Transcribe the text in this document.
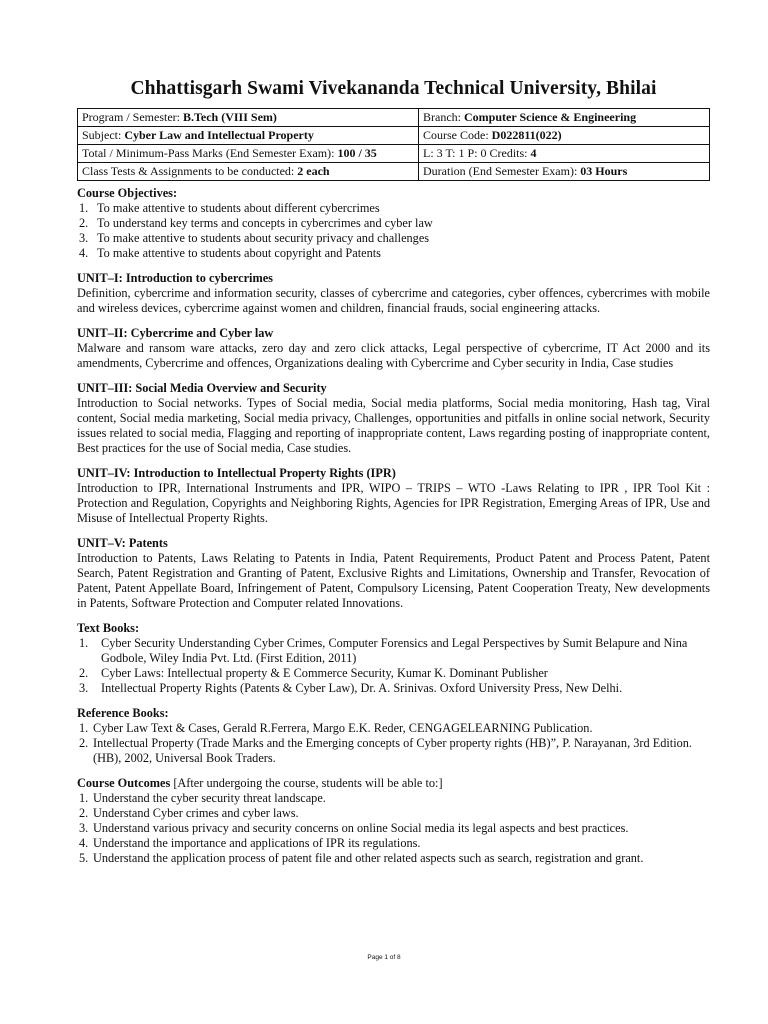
Chhattisgarh Swami Vivekananda Technical University, Bhilai
Program / Semester: B.Tech (VIII Sem)	Branch: Computer Science & Engineering
Subject: Cyber Law and Intellectual Property	Course Code: D022811(022)
Total / Minimum-Pass Marks (End Semester Exam): 100 / 35	L: 3 T: 1 P: 0 Credits: 4
Class Tests & Assignments to be conducted: 2 each	Duration (End Semester Exam): 03 Hours

Course Objectives:

1. To make attentive to students about different cybercrimes
2. To understand key terms and concepts in cybercrimes and cyber law
3. To make attentive to students about security privacy and challenges
4. To make attentive to students about copyright and Patents

UNIT–I: Introduction to cybercrimes

Definition, cybercrime and information security, classes of cybercrime and categories, cyber offences, cybercrimes with mobile and wireless devices, cybercrime against women and children, financial frauds, social engineering attacks.

UNIT–II: Cybercrime and Cyber law

Malware and ransom ware attacks, zero day and zero click attacks, Legal perspective of cybercrime, IT Act 2000 and its amendments, Cybercrime and offences, Organizations dealing with Cybercrime and Cyber security in India, Case studies

UNIT–III: Social Media Overview and Security

Introduction to Social networks. Types of Social media, Social media platforms, Social media monitoring, Hash tag, Viral content, Social media marketing, Social media privacy, Challenges, opportunities and pitfalls in online social network, Security issues related to social media, Flagging and reporting of inappropriate content, Laws regarding posting of inappropriate content, Best practices for the use of Social media, Case studies.

UNIT–IV: Introduction to Intellectual Property Rights (IPR)

Introduction to IPR, International Instruments and IPR, WIPO – TRIPS – WTO -Laws Relating to IPR , IPR Tool Kit : Protection and Regulation, Copyrights and Neighboring Rights, Agencies for IPR Registration, Emerging Areas of IPR, Use and Misuse of Intellectual Property Rights.

UNIT–V: Patents

Introduction to Patents, Laws Relating to Patents in India, Patent Requirements, Product Patent and Process Patent, Patent Search, Patent Registration and Granting of Patent, Exclusive Rights and Limitations, Ownership and Transfer, Revocation of Patent, Patent Appellate Board, Infringement of Patent, Compulsory Licensing, Patent Cooperation Treaty, New developments in Patents, Software Protection and Computer related Innovations.

Text Books:

1.	Cyber Security Understanding Cyber Crimes, Computer Forensics and Legal Perspectives by Sumit Belapure and Nina Godbole, Wiley India Pvt. Ltd. (First Edition, 2011)
2.	Cyber Laws: Intellectual property & E Commerce Security, Kumar K. Dominant Publisher
3.	Intellectual Property Rights (Patents & Cyber Law), Dr. A. Srinivas. Oxford University Press, New Delhi.

Reference Books:

1. Cyber Law Text & Cases, Gerald R.Ferrera, Margo E.K. Reder, CENGAGELEARNING Publication.
2. Intellectual Property (Trade Marks and the Emerging concepts of Cyber property rights (HB)”, P. Narayanan, 3rd Edition. (HB), 2002, Universal Book Traders.

Course Outcomes [After undergoing the course, students will be able to:]

1. Understand the cyber security threat landscape.
2. Understand Cyber crimes and cyber laws.
3. Understand various privacy and security concerns on online Social media its legal aspects and best practices.
4. Understand the importance and applications of IPR its regulations.
5. Understand the application process of patent file and other related aspects such as search, registration and grant.
Page 1 of 8
